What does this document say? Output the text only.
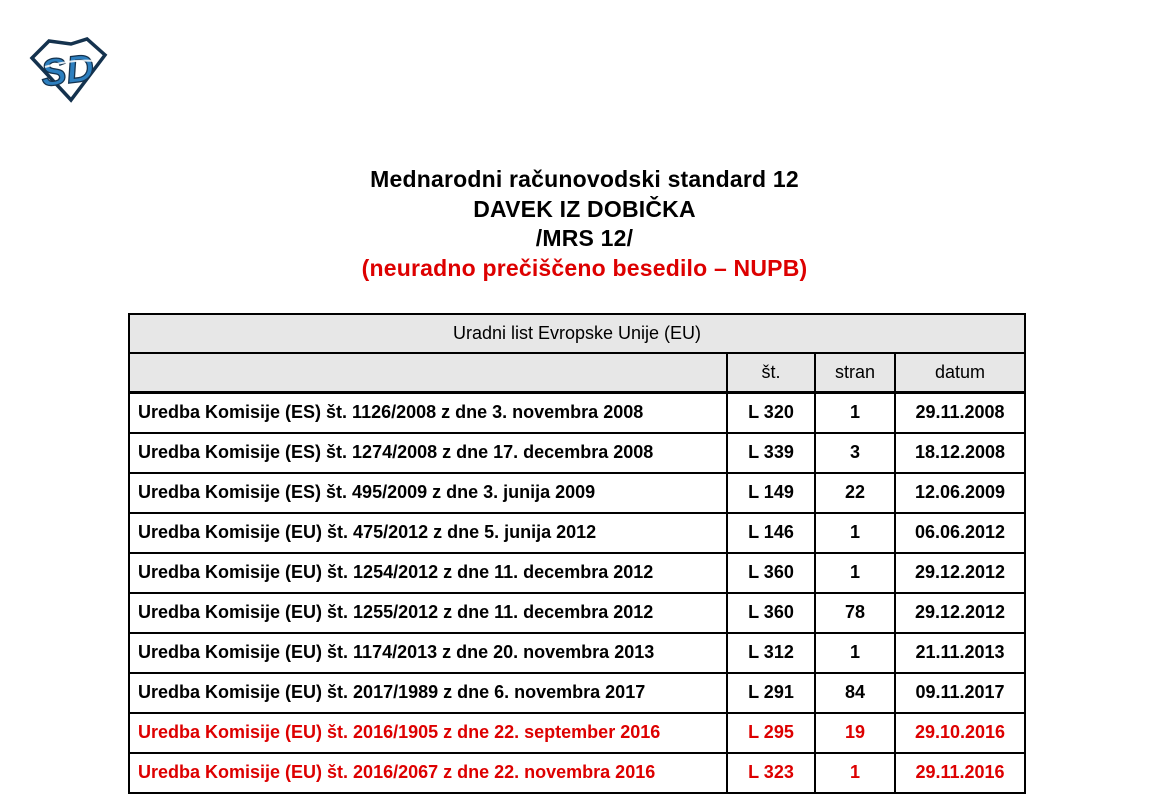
SD
Mednarodni računovodski standard 12
DAVEK IZ DOBIČKA
/MRS 12/
(neuradno prečiščeno besedilo – NUPB)
Uradni list Evropske Unije (EU)			
	št.	stran	datum
Uredba Komisije (ES) št. 1126/2008 z dne 3. novembra 2008	L 320	1	29.11.2008
Uredba Komisije (ES) št. 1274/2008 z dne 17. decembra 2008	L 339	3	18.12.2008
Uredba Komisije (ES) št. 495/2009 z dne 3. junija 2009	L 149	22	12.06.2009
Uredba Komisije (EU) št. 475/2012 z dne 5. junija 2012	L 146	1	06.06.2012
Uredba Komisije (EU) št. 1254/2012 z dne 11. decembra 2012	L 360	1	29.12.2012
Uredba Komisije (EU) št. 1255/2012 z dne 11. decembra 2012	L 360	78	29.12.2012
Uredba Komisije (EU) št. 1174/2013 z dne 20. novembra 2013	L 312	1	21.11.2013
Uredba Komisije (EU) št. 2017/1989 z dne 6. novembra 2017	L 291	84	09.11.2017
Uredba Komisije (EU) št. 2016/1905 z dne 22. september 2016	L 295	19	29.10.2016
Uredba Komisije (EU) št. 2016/2067 z dne 22. novembra 2016	L 323	1	29.11.2016
